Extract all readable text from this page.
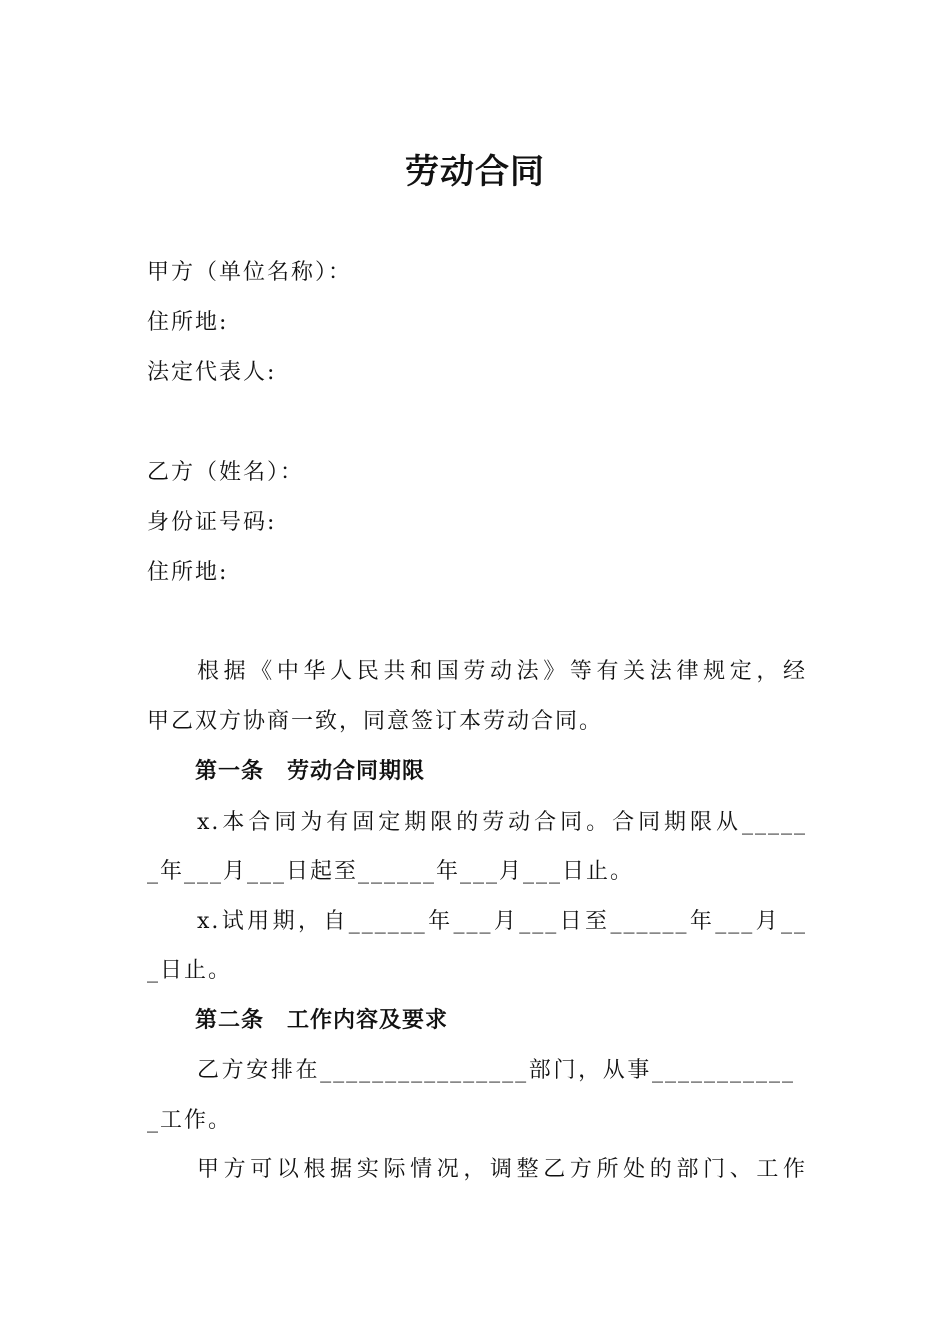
劳动合同
甲方（单位名称）：
住所地:
法定代表人:
乙方（姓名）：
身份证号码:
住所地:
根据《中华人民共和国劳动法》等有关法律规定，经
甲乙双方协商一致，同意签订本劳动合同。
第一条　劳动合同期限
x.本合同为有固定期限的劳动合同。合同期限从_____
_年___月___日起至______年___月___日止。
x.试用期，自______年___月___日至______年___月__
_日止。
第二条　工作内容及要求
乙方安排在________________部门，从事___________
_工作。
甲方可以根据实际情况，调整乙方所处的部门、工作
